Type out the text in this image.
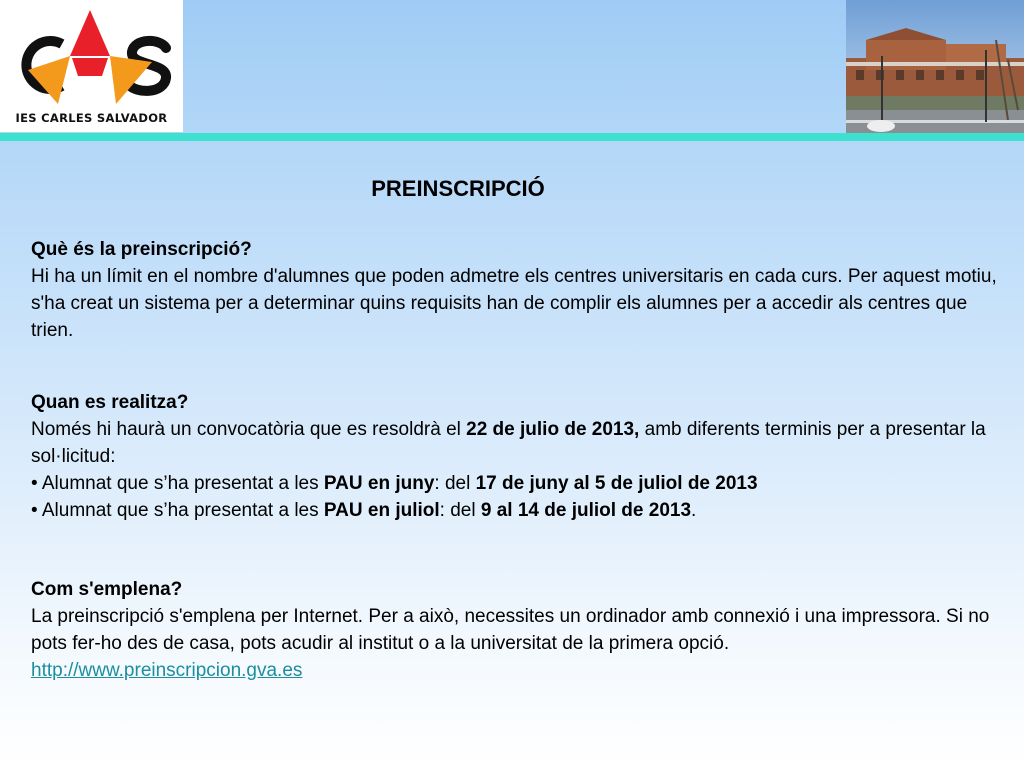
IES CARLES SALVADOR
PREINSCRIPCIÓ

Què és la preinscripció?

Hi ha un límit en el nombre d'alumnes que poden admetre els centres universitaris en cada curs. Per aquest motiu, s'ha creat un sistema per a determinar quins requisits han de complir els alumnes per a accedir als centres que trien.

Quan es realitza?

Només hi haurà un convocatòria que es resoldrà el 22 de julio de 2013, amb diferents terminis per a presentar la sol·licitud:

• Alumnat que s’ha presentat a les PAU en juny: del 17 de juny al 5 de juliol de 2013

• Alumnat que s’ha presentat a les PAU en juliol: del 9 al 14 de juliol de 2013.

Com s'emplena?

La preinscripció s'emplena per Internet. Per a això, necessites un ordinador amb connexió i una impressora. Si no pots fer-ho des de casa, pots acudir al institut o a la universitat de la primera opció.

http://www.preinscripcion.gva.es
